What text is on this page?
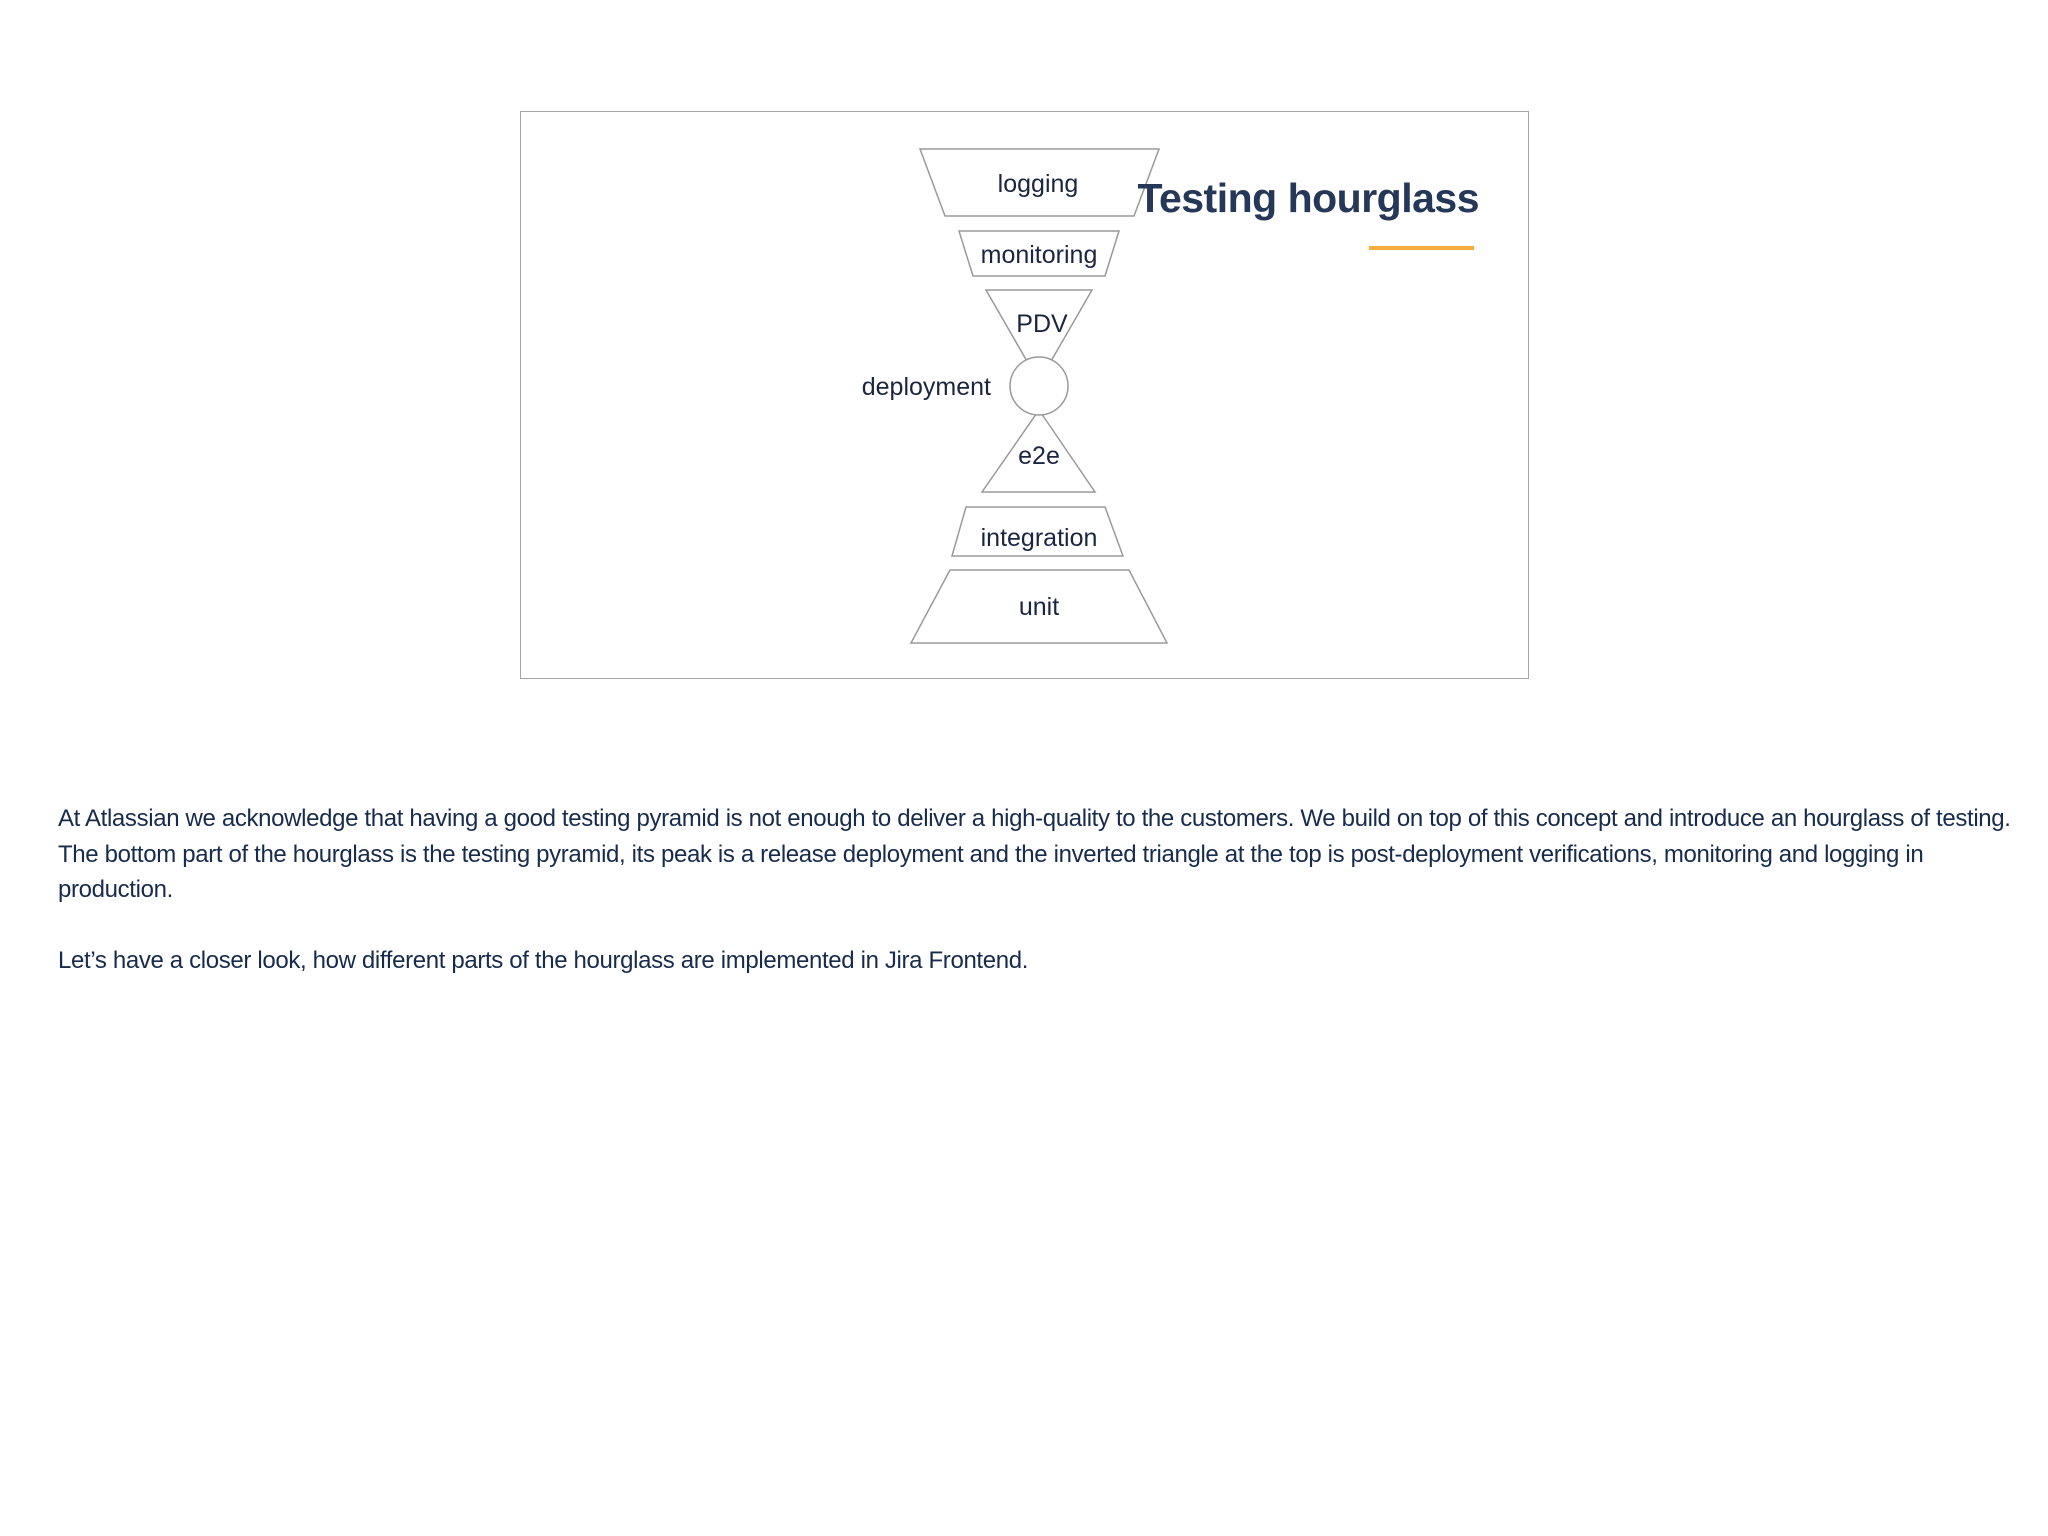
logging
monitoring
PDV
e2e
deployment
integration
unit
Testing hourglass

At Atlassian we acknowledge that having a good testing pyramid is not enough to deliver a high-quality to the customers. We build on top of this concept and introduce an hourglass of testing. The bottom part of the hourglass is the testing pyramid, its peak is a release deployment and the inverted triangle at the top is post-deployment verifications, monitoring and logging in production.

Let’s have a closer look, how different parts of the hourglass are implemented in Jira Frontend.
